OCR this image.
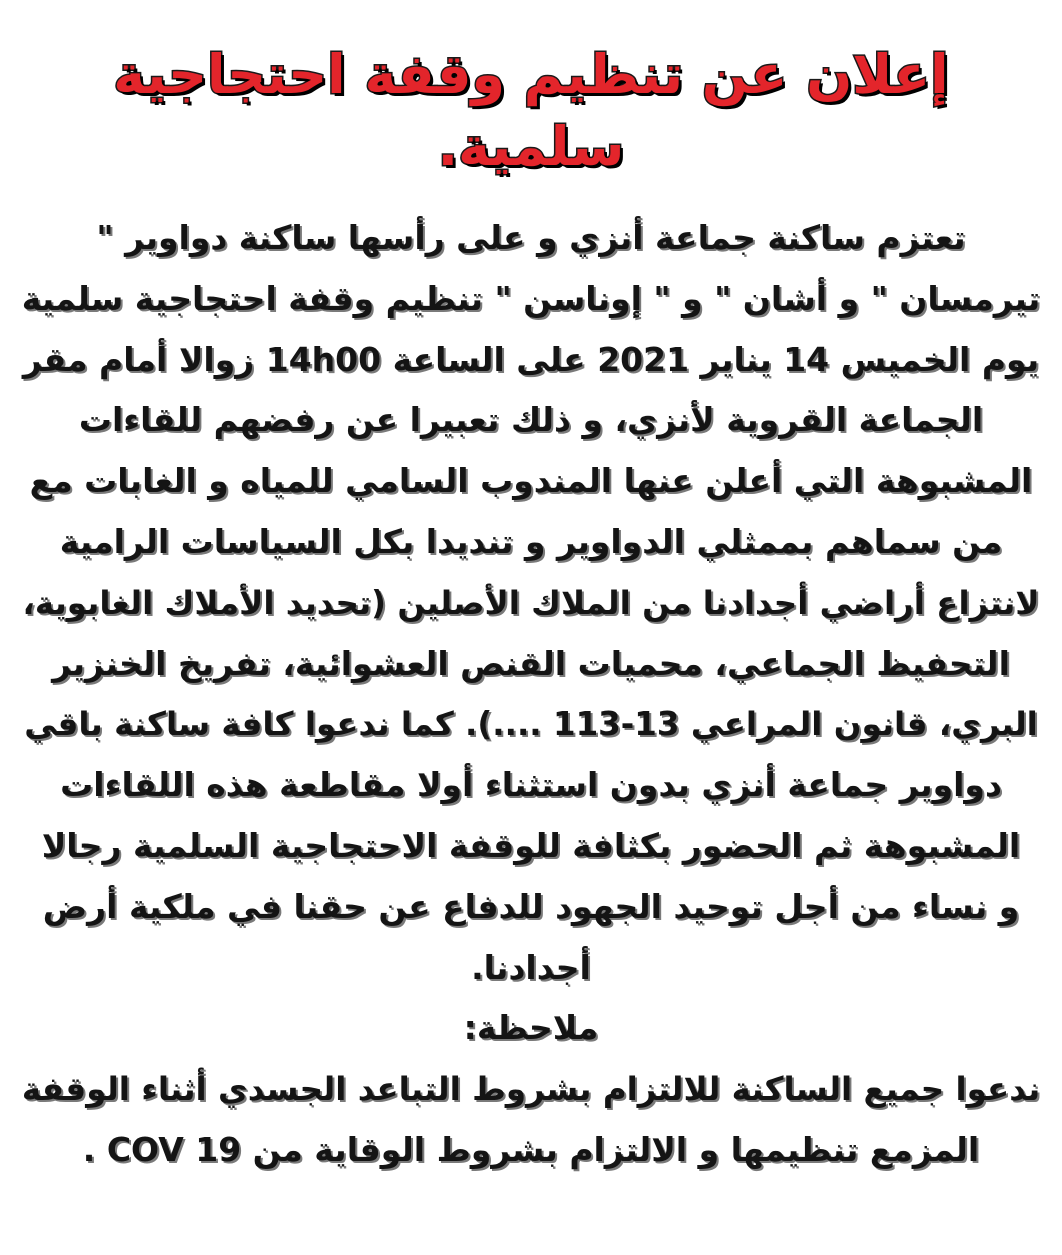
إعلان عن تنظيم وقفة احتجاجية
سلمية.
تعتزم ساكنة جماعة أنزي و على رأسها ساكنة دواوير "
تيرمسان " و أشان " و " إوناسن " تنظيم وقفة احتجاجية سلمية
يوم الخميس 14 يناير 2021 على الساعة 14h00 زوالا أمام مقر
الجماعة القروية لأنزي، و ذلك تعبيرا عن رفضهم للقاءات
المشبوهة التي أعلن عنها المندوب السامي للمياه و الغابات مع
من سماهم بممثلي الدواوير و تنديدا بكل السياسات الرامية
لانتزاع أراضي أجدادنا من الملاك الأصلين (تحديد الأملاك الغابوية،
التحفيظ الجماعي، محميات القنص العشوائية، تفريخ الخنزير
البري، قانون المراعي 13-113 ....). كما ندعوا كافة ساكنة باقي
دواوير جماعة أنزي بدون استثناء أولا مقاطعة هذه اللقاءات
المشبوهة ثم الحضور بكثافة للوقفة الاحتجاجية السلمية رجالا
و نساء من أجل توحيد الجهود للدفاع عن حقنا في ملكية أرض
أجدادنا.
ملاحظة:
ندعوا جميع الساكنة للالتزام بشروط التباعد الجسدي أثناء الوقفة
المزمع تنظيمها و الالتزام بشروط الوقاية من 19 COV .
